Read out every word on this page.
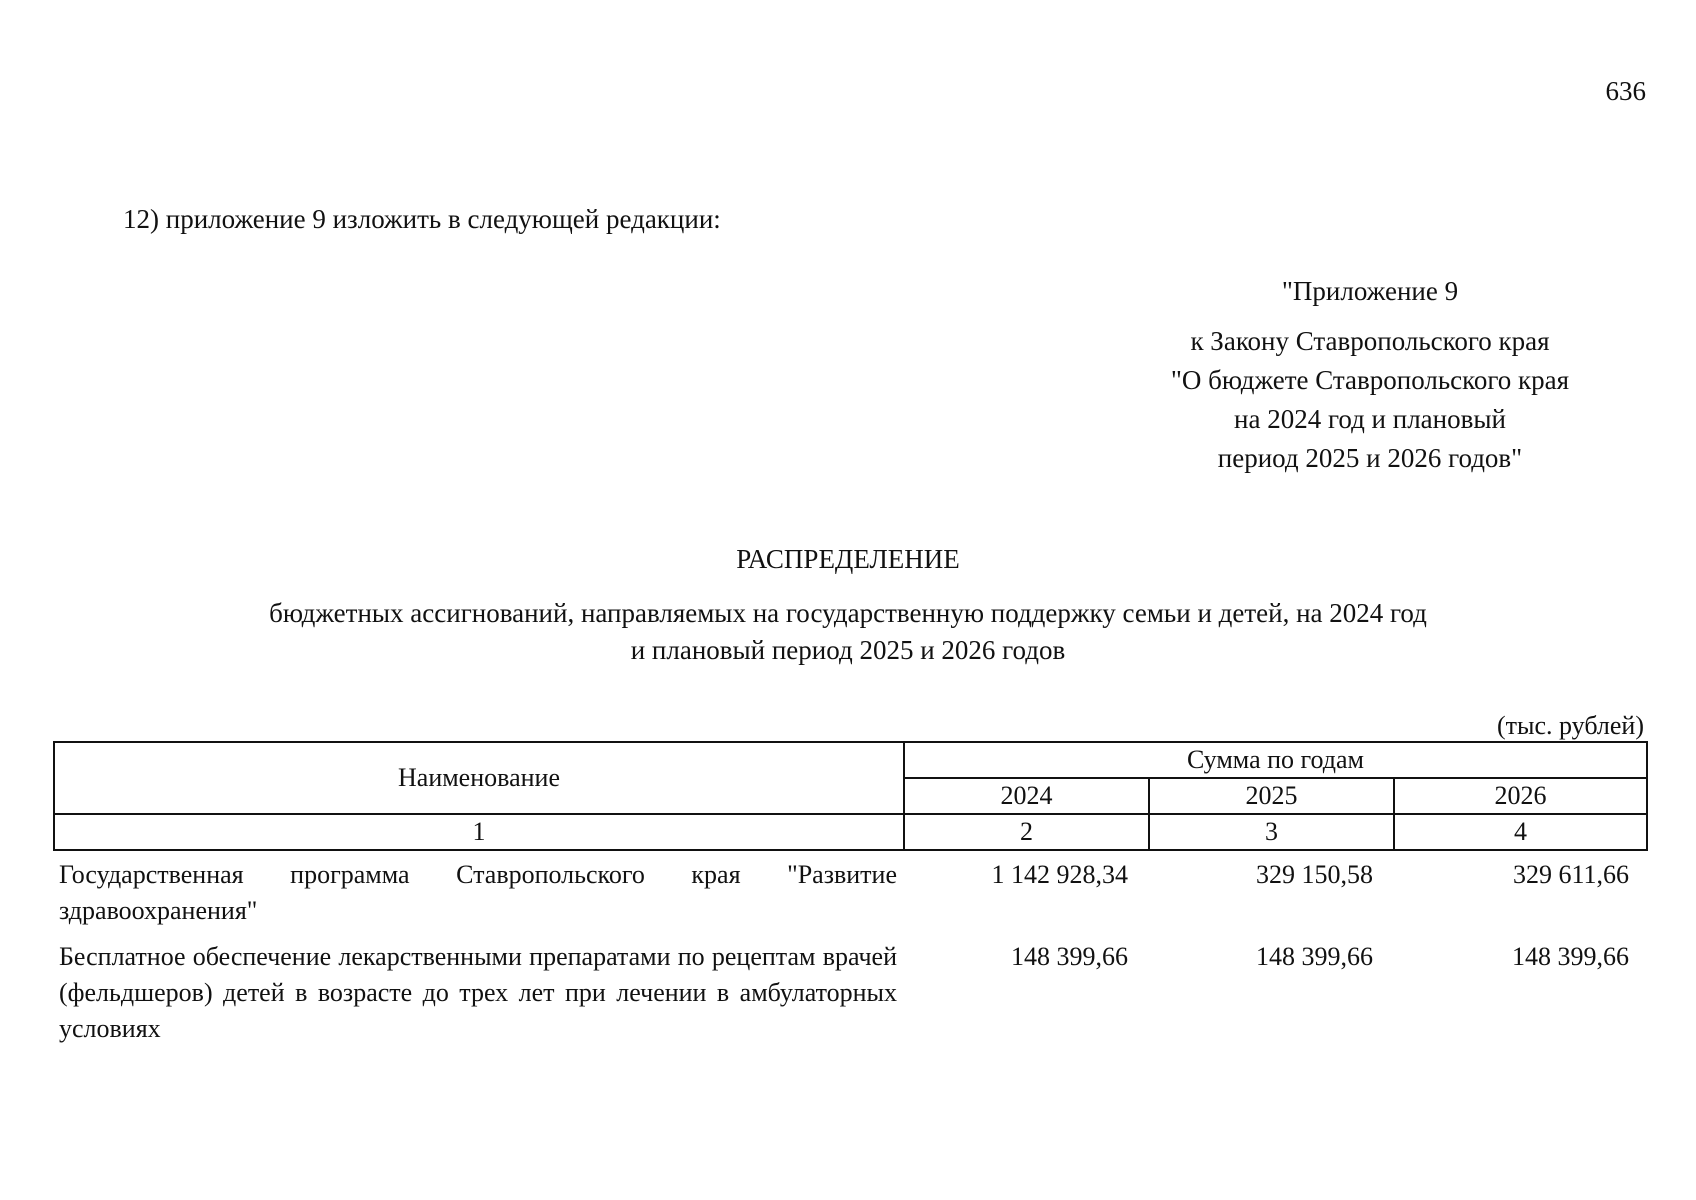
636
12) приложение 9 изложить в следующей редакции:
"Приложение 9
к Закону Ставропольского края
"О бюджете Ставропольского края
на 2024 год и плановый
период 2025 и 2026 годов"
РАСПРЕДЕЛЕНИЕ
бюджетных ассигнований, направляемых на государственную поддержку семьи и детей, на 2024 год
и плановый период 2025 и 2026 годов
(тыс. рублей)
Наименование	Сумма по годам		
	2024	2025	2026
1	2	3	4
Государственная программа Ставропольского края "Развитие здравоохранения"	1 142 928,34	329 150,58	329 611,66
Бесплатное обеспечение лекарственными препаратами по рецептам врачей (фельдшеров) детей в возрасте до трех лет при лечении в амбулаторных условиях	148 399,66	148 399,66	148 399,66
